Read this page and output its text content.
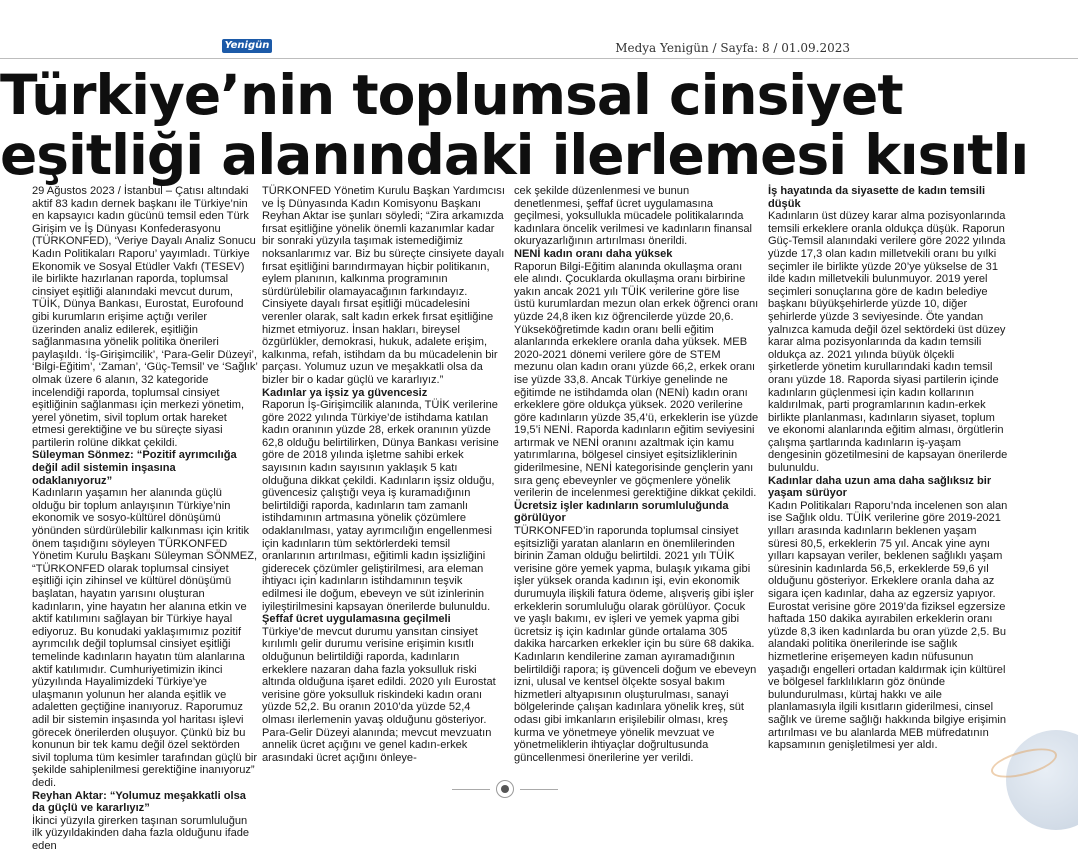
Yenigün	Medya Yenigün / Sayfa: 8 / 01.09.2023
Türkiye’nin toplumsal cinsiyet
eşitliği alanındaki ilerlemesi kısıtlı

29 Ağustos 2023 / İstanbul – Çatısı altındaki aktif 83 kadın dernek başkanı ile Türkiye’nin en kapsayıcı kadın gücünü temsil eden Türk Girişim ve İş Dünyası Konfederasyonu (TÜRKONFED), ‘Veriye Dayalı Analiz Sonucu Kadın Politikaları Raporu’ yayımladı. Türkiye Ekonomik ve Sosyal Etüdler Vakfı (TESEV) ile birlikte hazırlanan raporda, toplumsal cinsiyet eşitliği alanındaki mevcut durum, TÜİK, Dünya Bankası, Eurostat, Eurofound gibi kurumların erişime açtığı veriler üzerinden analiz edilerek, eşitliğin sağlanmasına yönelik politika önerileri paylaşıldı. ‘İş-Girişimcilik’, ‘Para-Gelir Düzeyi’, ‘Bilgi-Eğitim’, ‘Zaman’, ‘Güç-Temsil’ ve ‘Sağlık’ olmak üzere 6 alanın, 32 kategoride incelendiği raporda, toplumsal cinsiyet eşitliğinin sağlanması için merkezi yönetim, yerel yönetim, sivil toplum ortak hareket etmesi gerektiğine ve bu süreçte siyasi partilerin rolüne dikkat çekildi.

Süleyman Sönmez: “Pozitif ayrımcılığa değil adil sistemin inşasına odaklanıyoruz”

Kadınların yaşamın her alanında güçlü olduğu bir toplum anlayışının Türkiye’nin ekonomik ve sosyo-kültürel dönüşümü yönünden sürdürülebilir kalkınması için kritik önem taşıdığını söyleyen TÜRKONFED Yönetim Kurulu Başkanı Süleyman SÖNMEZ, “TÜRKONFED olarak toplumsal cinsiyet eşitliği için zihinsel ve kültürel dönüşümü başlatan, hayatın yarısını oluşturan kadınların, yine hayatın her alanına etkin ve aktif katılımını sağlayan bir Türkiye hayal ediyoruz. Bu konudaki yaklaşımımız pozitif ayrımcılık değil toplumsal cinsiyet eşitliği temelinde kadınların hayatın tüm alanlarına aktif katılımıdır. Cumhuriyetimizin ikinci yüzyılında Hayalimizdeki Türkiye’ye ulaşmanın yolunun her alanda eşitlik ve adaletten geçtiğine inanıyoruz. Raporumuz adil bir sistemin inşasında yol haritası işlevi görecek önerilerden oluşuyor. Çünkü biz bu konunun bir tek kamu değil özel sektörden sivil topluma tüm kesimler tarafından güçlü bir şekilde sahiplenilmesi gerektiğine inanıyoruz” dedi.

Reyhan Aktar: “Yolumuz meşakkatli olsa da güçlü ve kararlıyız”

İkinci yüzyıla girerken taşınan sorumluluğun ilk yüzyıldakinden daha fazla olduğunu ifade eden

TÜRKONFED Yönetim Kurulu Başkan Yardımcısı ve İş Dünyasında Kadın Komisyonu Başkanı Reyhan Aktar ise şunları söyledi; “Zira arkamızda fırsat eşitliğine yönelik önemli kazanımlar kadar bir sonraki yüzyıla taşımak istemediğimiz noksanlarımız var. Biz bu süreçte cinsiyete dayalı fırsat eşitliğini barındırmayan hiçbir politikanın, eylem planının, kalkınma programının sürdürülebilir olamayacağının farkındayız. Cinsiyete dayalı fırsat eşitliği mücadelesini verenler olarak, salt kadın erkek fırsat eşitliğine hizmet etmiyoruz. İnsan hakları, bireysel özgürlükler, demokrasi, hukuk, adalete erişim, kalkınma, refah, istihdam da bu mücadelenin bir parçası. Yolumuz uzun ve meşakkatli olsa da bizler bir o kadar güçlü ve kararlıyız.”

Kadınlar ya işsiz ya güvencesiz

Raporun İş-Girişimcilik alanında, TÜİK verilerine göre 2022 yılında Türkiye’de istihdama katılan kadın oranının yüzde 28, erkek oranının yüzde 62,8 olduğu belirtilirken, Dünya Bankası verisine göre de 2018 yılında işletme sahibi erkek sayısının kadın sayısının yaklaşık 5 katı olduğuna dikkat çekildi. Kadınların işsiz olduğu, güvencesiz çalıştığı veya iş kuramadığının belirtildiği raporda, kadınların tam zamanlı istihdamının artmasına yönelik çözümlere odaklanılması, yatay ayrımcılığın engellenmesi için kadınların tüm sektörlerdeki temsil oranlarının artırılması, eğitimli kadın işsizliğini giderecek çözümler geliştirilmesi, ara eleman ihtiyacı için kadınların istihdamının teşvik edilmesi ile doğum, ebeveyn ve süt izinlerinin iyileştirilmesini kapsayan önerilerde bulunuldu.

Şeffaf ücret uygulamasına geçilmeli

Türkiye’de mevcut durumu yansıtan cinsiyet kırılımlı gelir durumu verisine erişimin kısıtlı olduğunun belirtildiği raporda, kadınların erkeklere nazaran daha fazla yoksulluk riski altında olduğuna işaret edildi. 2020 yılı Eurostat verisine göre yoksulluk riskindeki kadın oranı yüzde 52,2. Bu oranın 2010’da yüzde 52,4 olması ilerlemenin yavaş olduğunu gösteriyor. Para-Gelir Düzeyi alanında; mevcut mevzuatın annelik ücret açığını ve genel kadın-erkek arasındaki ücret açığını önleye-

cek şekilde düzenlenmesi ve bunun denetlenmesi, şeffaf ücret uygulamasına geçilmesi, yoksullukla mücadele politikalarında kadınlara öncelik verilmesi ve kadınların finansal okuryazarlığının artırılması önerildi.

NENİ kadın oranı daha yüksek

Raporun Bilgi-Eğitim alanında okullaşma oranı ele alındı. Çocuklarda okullaşma oranı birbirine yakın ancak 2021 yılı TÜİK verilerine göre lise üstü kurumlardan mezun olan erkek öğrenci oranı yüzde 24,8 iken kız öğrencilerde yüzde 20,6. Yükseköğretimde kadın oranı belli eğitim alanlarında erkeklere oranla daha yüksek. MEB 2020-2021 dönemi verilere göre de STEM mezunu olan kadın oranı yüzde 66,2, erkek oranı ise yüzde 33,8. Ancak Türkiye genelinde ne eğitimde ne istihdamda olan (NENİ) kadın oranı erkeklere göre oldukça yüksek. 2020 verilerine göre kadınların yüzde 35,4’ü, erkeklerin ise yüzde 19,5’i NENİ. Raporda kadınların eğitim seviyesini artırmak ve NENİ oranını azaltmak için kamu yatırımlarına, bölgesel cinsiyet eşitsizliklerinin giderilmesine, NENİ kategorisinde gençlerin yanı sıra genç ebeveynler ve göçmenlere yönelik verilerin de incelenmesi gerektiğine dikkat çekildi.

Ücretsiz işler kadınların sorumluluğunda görülüyor

TÜRKONFED’in raporunda toplumsal cinsiyet eşitsizliği yaratan alanların en önemlilerinden birinin Zaman olduğu belirtildi. 2021 yılı TÜİK verisine göre yemek yapma, bulaşık yıkama gibi işler yüksek oranda kadının işi, evin ekonomik durumuyla ilişkili fatura ödeme, alışveriş gibi işler erkeklerin sorumluluğu olarak görülüyor. Çocuk ve yaşlı bakımı, ev işleri ve yemek yapma gibi ücretsiz iş için kadınlar günde ortalama 305 dakika harcarken erkekler için bu süre 68 dakika. Kadınların kendilerine zaman ayıramadığının belirtildiği rapora; iş güvenceli doğum ve ebeveyn izni, ulusal ve kentsel ölçekte sosyal bakım hizmetleri altyapısının oluşturulması, sanayi bölgelerinde çalışan kadınlara yönelik kreş, süt odası gibi imkanların erişilebilir olması, kreş kurma ve yönetmeye yönelik mevzuat ve yönetmeliklerin ihtiyaçlar doğrultusunda güncellenmesi önerilerine yer verildi.

İş hayatında da siyasette de kadın temsili düşük

Kadınların üst düzey karar alma pozisyonlarında temsili erkeklere oranla oldukça düşük. Raporun Güç-Temsil alanındaki verilere göre 2022 yılında yüzde 17,3 olan kadın milletvekili oranı bu yılki seçimler ile birlikte yüzde 20’ye yükselse de 31 ilde kadın milletvekili bulunmuyor. 2019 yerel seçimleri sonuçlarına göre de kadın belediye başkanı büyükşehirlerde yüzde 10, diğer şehirlerde yüzde 3 seviyesinde. Öte yandan yalnızca kamuda değil özel sektördeki üst düzey karar alma pozisyonlarında da kadın temsili oldukça az. 2021 yılında büyük ölçekli şirketlerde yönetim kurullarındaki kadın temsil oranı yüzde 18. Raporda siyasi partilerin içinde kadınların güçlenmesi için kadın kollarının kaldırılmak, parti programlarının kadın-erkek birlikte planlanması, kadınların siyaset, toplum ve ekonomi alanlarında eğitim alması, örgütlerin çalışma şartlarında kadınların iş-yaşam dengesinin gözetilmesini de kapsayan önerilerde bulunuldu.

Kadınlar daha uzun ama daha sağlıksız bir yaşam sürüyor

Kadın Politikaları Raporu’nda incelenen son alan ise Sağlık oldu. TÜİK verilerine göre 2019-2021 yılları arasında kadınların beklenen yaşam süresi 80,5, erkeklerin 75 yıl. Ancak yine aynı yılları kapsayan veriler, beklenen sağlıklı yaşam süresinin kadınlarda 56,5, erkeklerde 59,6 yıl olduğunu gösteriyor. Erkeklere oranla daha az sigara içen kadınlar, daha az egzersiz yapıyor. Eurostat verisine göre 2019’da fiziksel egzersize haftada 150 dakika ayırabilen erkeklerin oranı yüzde 8,3 iken kadınlarda bu oran yüzde 2,5. Bu alandaki politika önerilerinde ise sağlık hizmetlerine erişemeyen kadın nüfusunun yaşadığı engelleri ortadan kaldırmak için kültürel ve bölgesel farklılıkların göz önünde bulundurulması, kürtaj hakkı ve aile planlamasıyla ilgili kısıtların giderilmesi, cinsel sağlık ve üreme sağlığı hakkında bilgiye erişimin artırılması ve bu alanlarda MEB müfredatının kapsamının genişletilmesi yer aldı.
